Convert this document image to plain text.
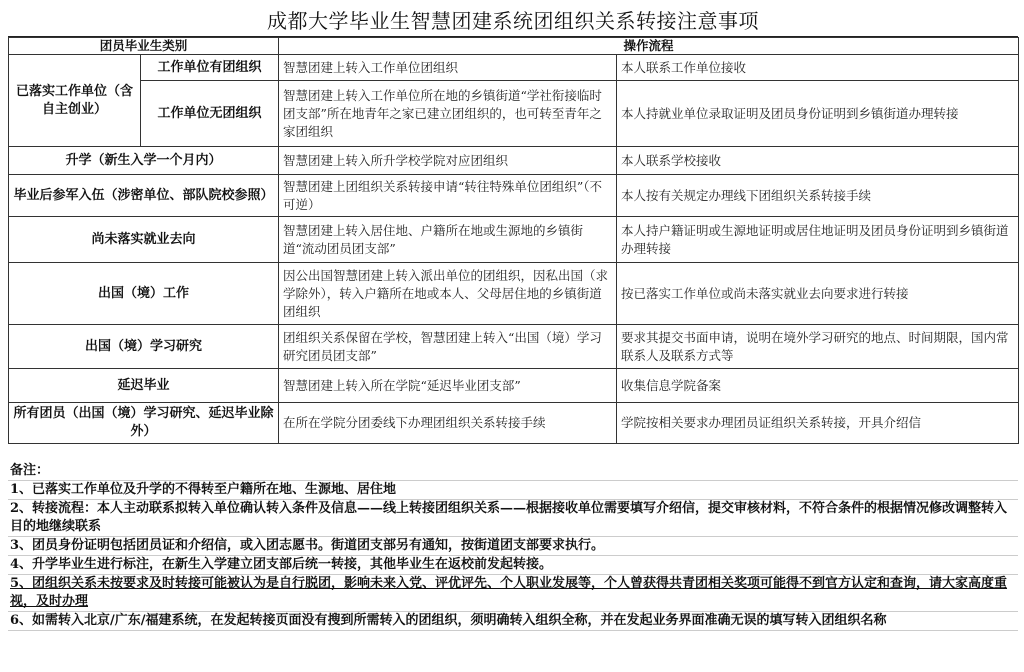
成都大学毕业生智慧团建系统团组织关系转接注意事项
团员毕业生类别		操作流程	
已落实工作单位（含自主创业）	工作单位有团组织	智慧团建上转入工作单位团组织	本人联系工作单位接收
	工作单位无团组织	智慧团建上转入工作单位所在地的乡镇街道“学社衔接临时团支部”所在地青年之家已建立团组织的，也可转至青年之家团组织	本人持就业单位录取证明及团员身份证明到乡镇街道办理转接
升学（新生入学一个月内）		智慧团建上转入所升学校学院对应团组织	本人联系学校接收

毕业后参军入伍（涉密单位、部队院校参照）		智慧团建上团组织关系转接申请“转往特殊单位团组织”（不可逆）	本人按有关规定办理线下团组织关系转接手续
尚未落实就业去向		智慧团建上转入居住地、户籍所在地或生源地的乡镇街道“流动团员团支部”	本人持户籍证明或生源地证明或居住地证明及团员身份证明到乡镇街道办理转接
出国（境）工作		因公出国智慧团建上转入派出单位的团组织，因私出国（求学除外），转入户籍所在地或本人、父母居住地的乡镇街道团组织	按已落实工作单位或尚未落实就业去向要求进行转接
出国（境）学习研究		团组织关系保留在学校，智慧团建上转入“出国（境）学习研究团员团支部”	要求其提交书面申请，说明在境外学习研究的地点、时间期限，国内常联系人及联系方式等
延迟毕业		智慧团建上转入所在学院“延迟毕业团支部”	收集信息学院备案
所有团员（出国（境）学习研究、延迟毕业除外）		在所在学院分团委线下办理团组织关系转接手续	学院按相关要求办理团员证组织关系转接，开具介绍信
备注：
1、已落实工作单位及升学的不得转至户籍所在地、生源地、居住地
2、转接流程：本人主动联系拟转入单位确认转入条件及信息——线上转接团组织关系——根据接收单位需要填写介绍信，提交审核材料，不符合条件的根据情况修改调整转入目的地继续联系
3、团员身份证明包括团员证和介绍信，或入团志愿书。街道团支部另有通知，按街道团支部要求执行。
4、升学毕业生进行标注，在新生入学建立团支部后统一转接，其他毕业生在返校前发起转接。
5、团组织关系未按要求及时转接可能被认为是自行脱团，影响未来入党、评优评先、个人职业发展等，个人曾获得共青团相关奖项可能得不到官方认定和查询，请大家高度重视，及时办理
6、如需转入北京/广东/福建系统，在发起转接页面没有搜到所需转入的团组织，须明确转入组织全称，并在发起业务界面准确无误的填写转入团组织名称
